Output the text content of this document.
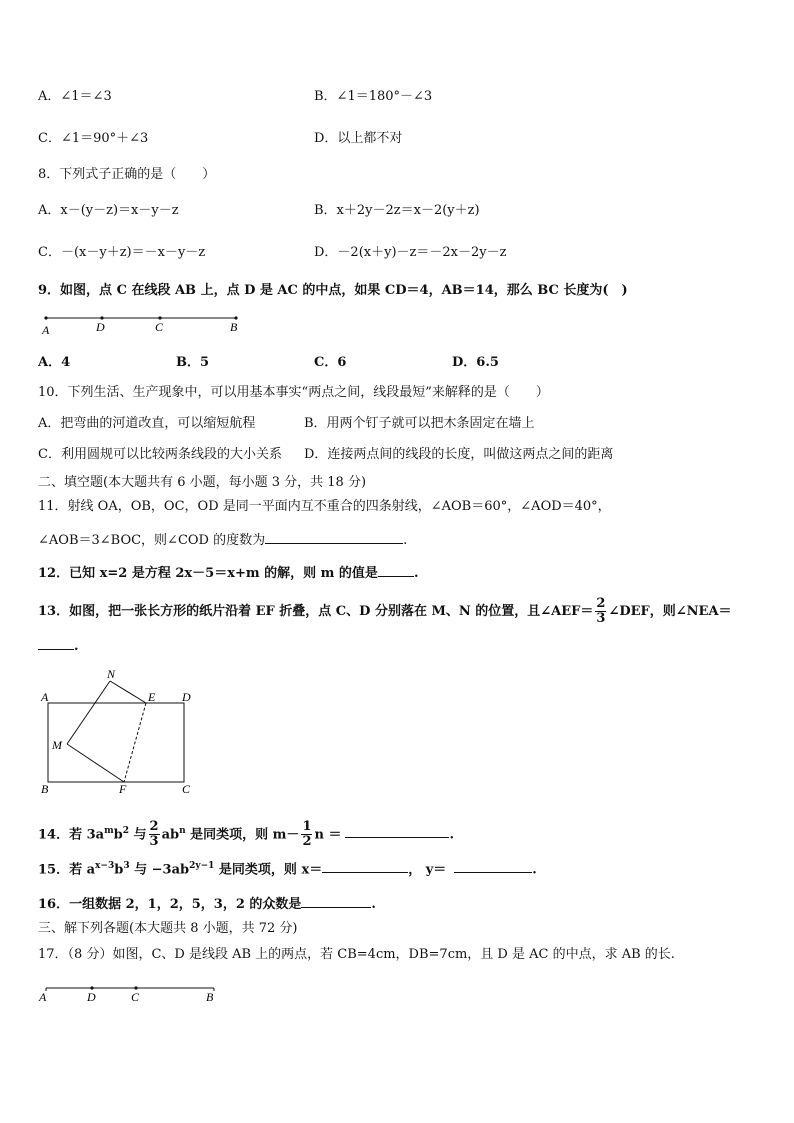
A．∠1＝∠3	B．∠1＝180°－∠3
C．∠1＝90°＋∠3	D．以上都不对
8．下列式子正确的是（　　）
A．x－(y－z)＝x－y－z	B．x＋2y－2z＝x－2(y＋z)
C．－(x－y＋z)＝－x－y－z	D．－2(x＋y)－z＝－2x－2y－z
9．如图，点 C 在线段 AB 上，点 D 是 AC 的中点，如果 CD＝4，AB＝14，那么 BC 长度为(　)
A	D	C	B
A．4	B．5	C．6	D．6.5
10．下列生活、生产现象中，可以用基本事实“两点之间，线段最短”来解释的是（　　）
A．把弯曲的河道改直，可以缩短航程	B．用两个钉子就可以把木条固定在墙上
C．利用圆规可以比较两条线段的大小关系 D．连接两点间的线段的长度，叫做这两点之间的距离
二、填空题(本大题共有 6 小题，每小题 3 分，共 18 分)
11．射线 OA，OB，OC，OD 是同一平面内互不重合的四条射线，∠AOB＝60°，∠AOD＝40°，
∠AOB＝3∠BOC，则∠COD 的度数为	.
12．已知 x=2 是方程 2x－5＝x+m 的解，则 m 的值是	.
13．如图，把一张长方形的纸片沿着 EF 折叠，点 C、D 分别落在 M、N 的位置，且∠AEF＝ $\frac{2}{3}$ ∠DEF，则∠NEA＝
.
N
A	E D
M
B	F	C
14．若 $3a^mb^2$ 与 $\frac{2}{3} ab^n$ 是同类项，则 $m- \frac{1}{2}$ n ＝	.
15．若 $a^{x-3}b^3$ 与 $-3ab^{2y-1}$ 是同类项，则 x＝	， y＝	.
16．一组数据 2，1，2，5，3，2 的众数是	.
三、解下列各题(本大题共 8 小题，共 72 分)
17．（8 分）如图，C、D 是线段 AB 上的两点，若 CB=4cm，DB=7cm，且 D 是 AC 的中点，求 AB 的长.
A	D	C	B
